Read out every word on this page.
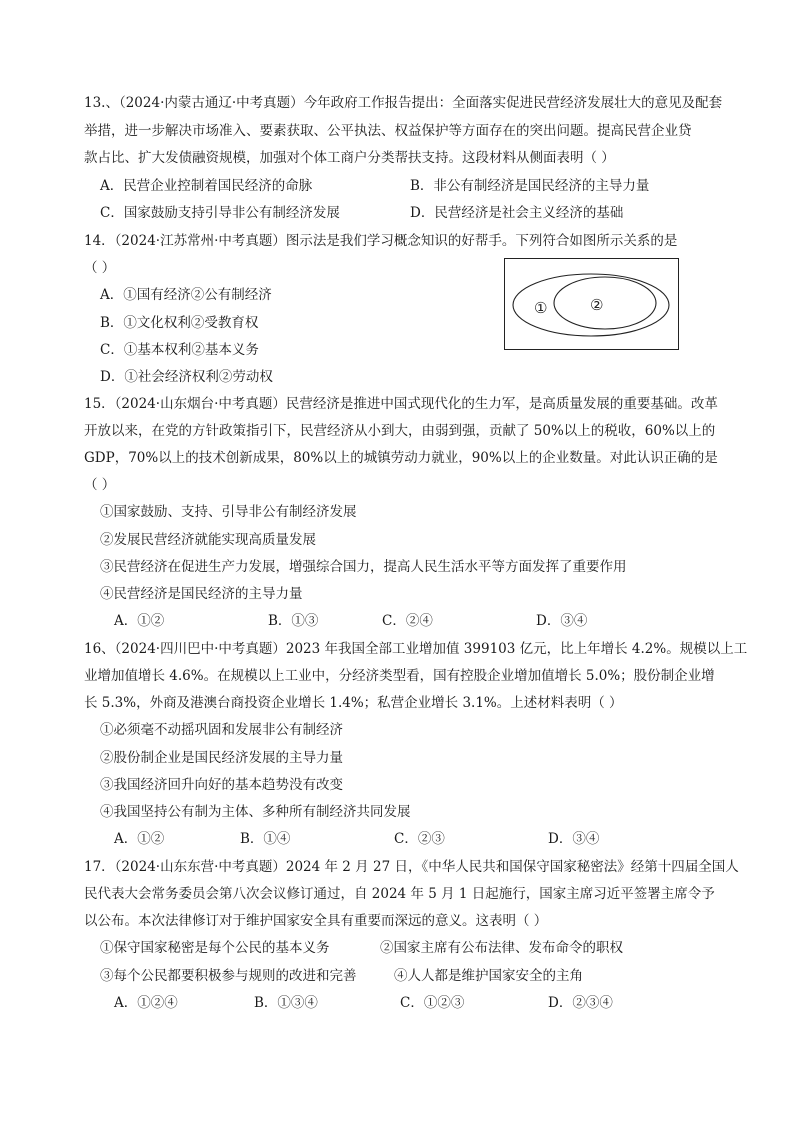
13.、（2024·内蒙古通辽·中考真题）今年政府工作报告提出：全面落实促进民营经济发展壮大的意见及配套
举措，进一步解决市场准入、要素获取、公平执法、权益保护等方面存在的突出问题。提高民营企业贷
款占比、扩大发债融资规模，加强对个体工商户分类帮扶支持。这段材料从侧面表明（ ）
A．民营企业控制着国民经济的命脉	B．非公有制经济是国民经济的主导力量
C．国家鼓励支持引导非公有制经济发展	D．民营经济是社会主义经济的基础
14．（2024·江苏常州·中考真题）图示法是我们学习概念知识的好帮手。下列符合如图所示关系的是
（ ）
A．①国有经济②公有制经济
B．①文化权利②受教育权
C．①基本权利②基本义务
D．①社会经济权利②劳动权
①	②
15．（2024·山东烟台·中考真题）民营经济是推进中国式现代化的生力军，是高质量发展的重要基础。改革
开放以来，在党的方针政策指引下，民营经济从小到大，由弱到强，贡献了 50%以上的税收，60%以上的
GDP，70%以上的技术创新成果，80%以上的城镇劳动力就业，90%以上的企业数量。对此认识正确的是
（ ）
①国家鼓励、支持、引导非公有制经济发展
②发展民营经济就能实现高质量发展
③民营经济在促进生产力发展，增强综合国力，提高人民生活水平等方面发挥了重要作用
④民营经济是国民经济的主导力量
A．①②	B．①③	C．②④	D．③④
16、（2024·四川巴中·中考真题）2023 年我国全部工业增加值 399103 亿元，比上年增长 4.2%。规模以上工
业增加值增长 4.6%。在规模以上工业中，分经济类型看，国有控股企业增加值增长 5.0%；股份制企业增
长 5.3%，外商及港澳台商投资企业增长 1.4%；私营企业增长 3.1%。上述材料表明（ ）
①必须毫不动摇巩固和发展非公有制经济
②股份制企业是国民经济发展的主导力量
③我国经济回升向好的基本趋势没有改变
④我国坚持公有制为主体、多种所有制经济共同发展
A．①②	B．①④	C．②③	D．③④
17．（2024·山东东营·中考真题）2024 年 2 月 27 日，《中华人民共和国保守国家秘密法》经第十四届全国人
民代表大会常务委员会第八次会议修订通过，自 2024 年 5 月 1 日起施行，国家主席习近平签署主席令予
以公布。本次法律修订对于维护国家安全具有重要而深远的意义。这表明（ ）
①保守国家秘密是每个公民的基本义务	②国家主席有公布法律、发布命令的职权
③每个公民都要积极参与规则的改进和完善	④人人都是维护国家安全的主角
A．①②④	B．①③④	C．①②③	D．②③④
